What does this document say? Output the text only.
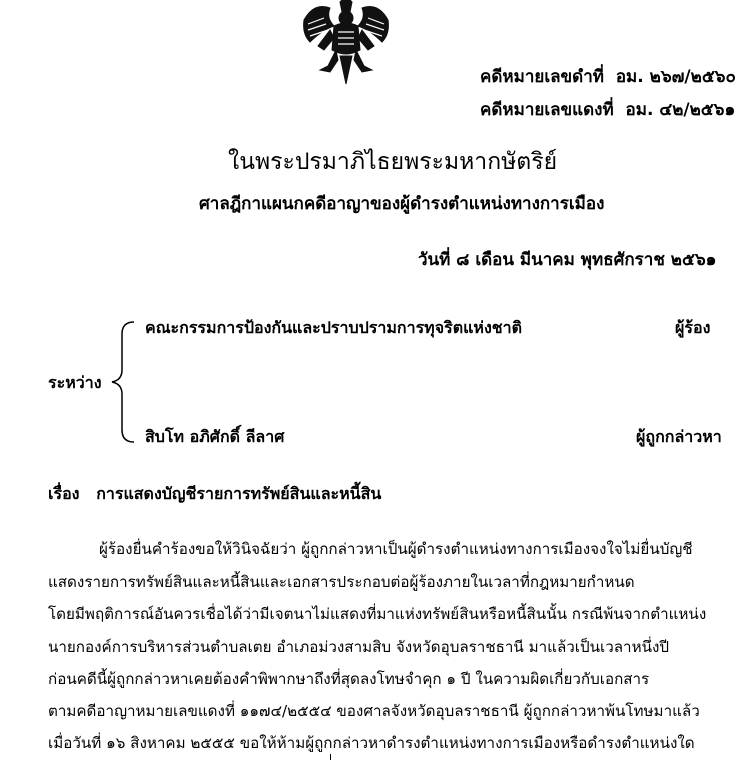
คดีหมายเลขดำที่ อม. ๒๖๗/๒๕๖๐
คดีหมายเลขแดงที่ อม. ๔๒/๒๕๖๑
ในพระปรมาภิไธยพระมหากษัตริย์
ศาลฎีกาแผนกคดีอาญาของผู้ดำรงตำแหน่งทางการเมือง
วันที่ ๘ เดือน มีนาคม พุทธศักราช ๒๕๖๑
ระหว่าง
คณะกรรมการป้องกันและปราบปรามการทุจริตแห่งชาติ	ผู้ร้อง
สิบโท อภิศักดิ์ ลีลาศ	ผู้ถูกกล่าวหา
เรื่อง การแสดงบัญชีรายการทรัพย์สินและหนี้สิน
ผู้ร้องยื่นคำร้องขอให้วินิจฉัยว่า ผู้ถูกกล่าวหาเป็นผู้ดำรงตำแหน่งทางการเมืองจงใจไม่ยื่นบัญชี
แสดงรายการทรัพย์สินและหนี้สินและเอกสารประกอบต่อผู้ร้องภายในเวลาที่กฎหมายกำหนด
โดยมีพฤติการณ์อันควรเชื่อได้ว่ามีเจตนาไม่แสดงที่มาแห่งทรัพย์สินหรือหนี้สินนั้น กรณีพ้นจากตำแหน่ง
นายกองค์การบริหารส่วนตำบลเตย อำเภอม่วงสามสิบ จังหวัดอุบลราชธานี มาแล้วเป็นเวลาหนึ่งปี
ก่อนคดีนี้ผู้ถูกกล่าวหาเคยต้องคำพิพากษาถึงที่สุดลงโทษจำคุก ๑ ปี ในความผิดเกี่ยวกับเอกสาร
ตามคดีอาญาหมายเลขแดงที่ ๑๑๗๔/๒๕๕๔ ของศาลจังหวัดอุบลราชธานี ผู้ถูกกล่าวหาพ้นโทษมาแล้ว
เมื่อวันที่ ๑๖ สิงหาคม ๒๕๕๕ ขอให้ห้ามผู้ถูกกล่าวหาดำรงตำแหน่งทางการเมืองหรือดำรงตำแหน่งใด
